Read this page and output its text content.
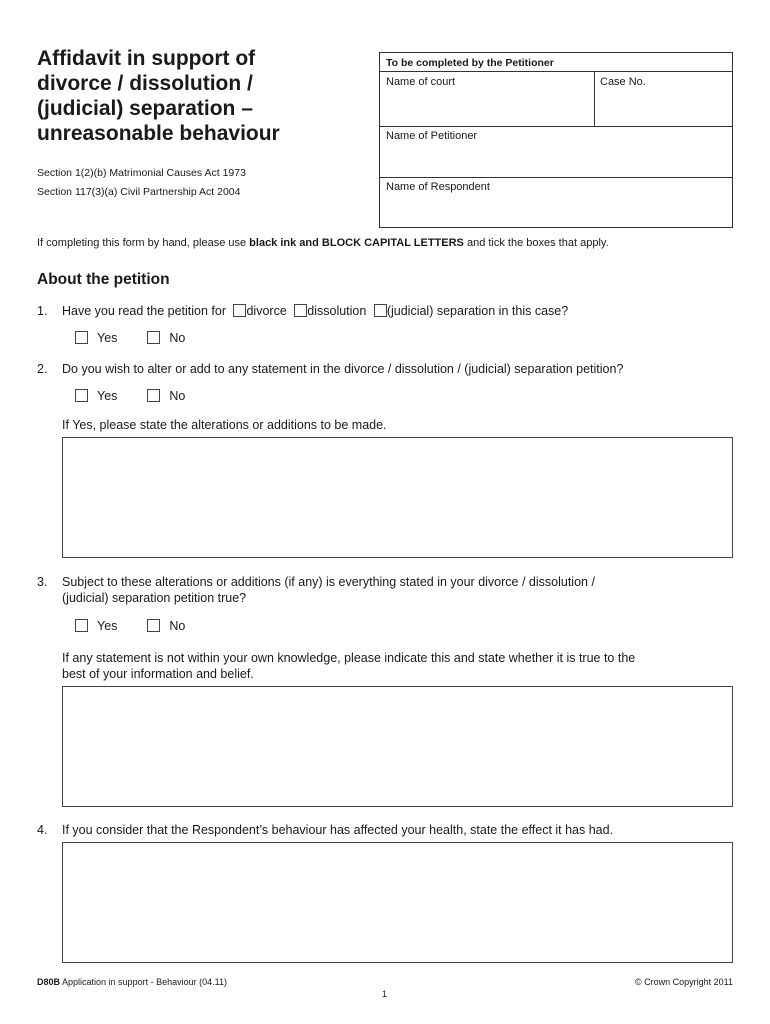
Affidavit in support of
divorce / dissolution /
(judicial) separation –
unreasonable behaviour
Section 1(2)(b) Matrimonial Causes Act 1973
Section 117(3)(a) Civil Partnership Act 2004
To be completed by the Petitioner
Name of court	Case No.
Name of Petitioner
Name of Respondent
If completing this form by hand, please use black ink and BLOCK CAPITAL LETTERS and tick the boxes that apply.
About the petition
1. Have you read the petition for divorce dissolution (judicial) separation in this case?
Yes	No
2. Do you wish to alter or add to any statement in the divorce / dissolution / (judicial) separation petition?
Yes	No
If Yes, please state the alterations or additions to be made.
3. Subject to these alterations or additions (if any) is everything stated in your divorce / dissolution /
(judicial) separation petition true?
Yes	No
If any statement is not within your own knowledge, please indicate this and state whether it is true to the
best of your information and belief.
4. If you consider that the Respondent’s behaviour has affected your health, state the effect it has had.
D80B Application in support - Behaviour (04.11)	© Crown Copyright 2011
1
